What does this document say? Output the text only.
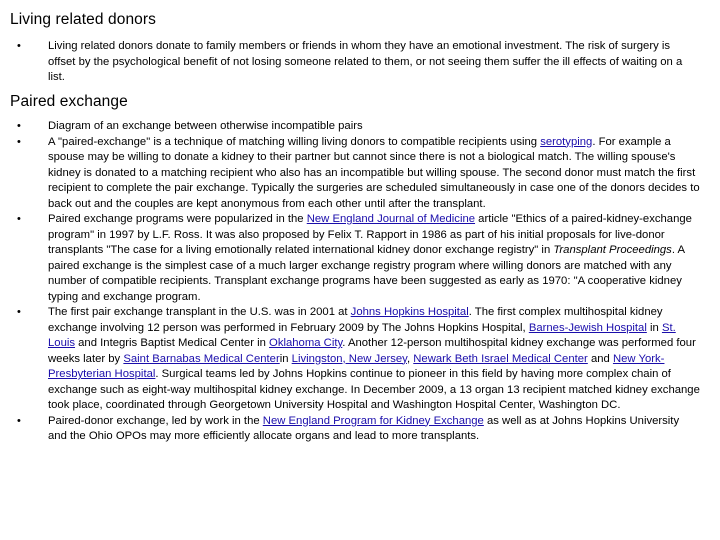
Living related donors
• Living related donors donate to family members or friends in whom they have an emotional investment. The risk of surgery is offset by the psychological benefit of not losing someone related to them, or not seeing them suffer the ill effects of waiting on a list.
Paired exchange
• Diagram of an exchange between otherwise incompatible pairs
• A "paired-exchange" is a technique of matching willing living donors to compatible recipients using serotyping. For example a spouse may be willing to donate a kidney to their partner but cannot since there is not a biological match. The willing spouse's kidney is donated to a matching recipient who also has an incompatible but willing spouse. The second donor must match the first recipient to complete the pair exchange. Typically the surgeries are scheduled simultaneously in case one of the donors decides to back out and the couples are kept anonymous from each other until after the transplant.
• Paired exchange programs were popularized in the New England Journal of Medicine article "Ethics of a paired-kidney-exchange program" in 1997 by L.F. Ross. It was also proposed by Felix T. Rapport in 1986 as part of his initial proposals for live-donor transplants "The case for a living emotionally related international kidney donor exchange registry" in Transplant Proceedings. A paired exchange is the simplest case of a much larger exchange registry program where willing donors are matched with any number of compatible recipients. Transplant exchange programs have been suggested as early as 1970: "A cooperative kidney typing and exchange program.
• The first pair exchange transplant in the U.S. was in 2001 at Johns Hopkins Hospital. The first complex multihospital kidney exchange involving 12 person was performed in February 2009 by The Johns Hopkins Hospital, Barnes-Jewish Hospital in St. Louis and Integris Baptist Medical Center in Oklahoma City. Another 12-person multihospital kidney exchange was performed four weeks later by Saint Barnabas Medical Centerin Livingston, New Jersey, Newark Beth Israel Medical Center and New York-Presbyterian Hospital. Surgical teams led by Johns Hopkins continue to pioneer in this field by having more complex chain of exchange such as eight-way multihospital kidney exchange. In December 2009, a 13 organ 13 recipient matched kidney exchange took place, coordinated through Georgetown University Hospital and Washington Hospital Center, Washington DC.
• Paired-donor exchange, led by work in the New England Program for Kidney Exchange as well as at Johns Hopkins University and the Ohio OPOs may more efficiently allocate organs and lead to more transplants.
